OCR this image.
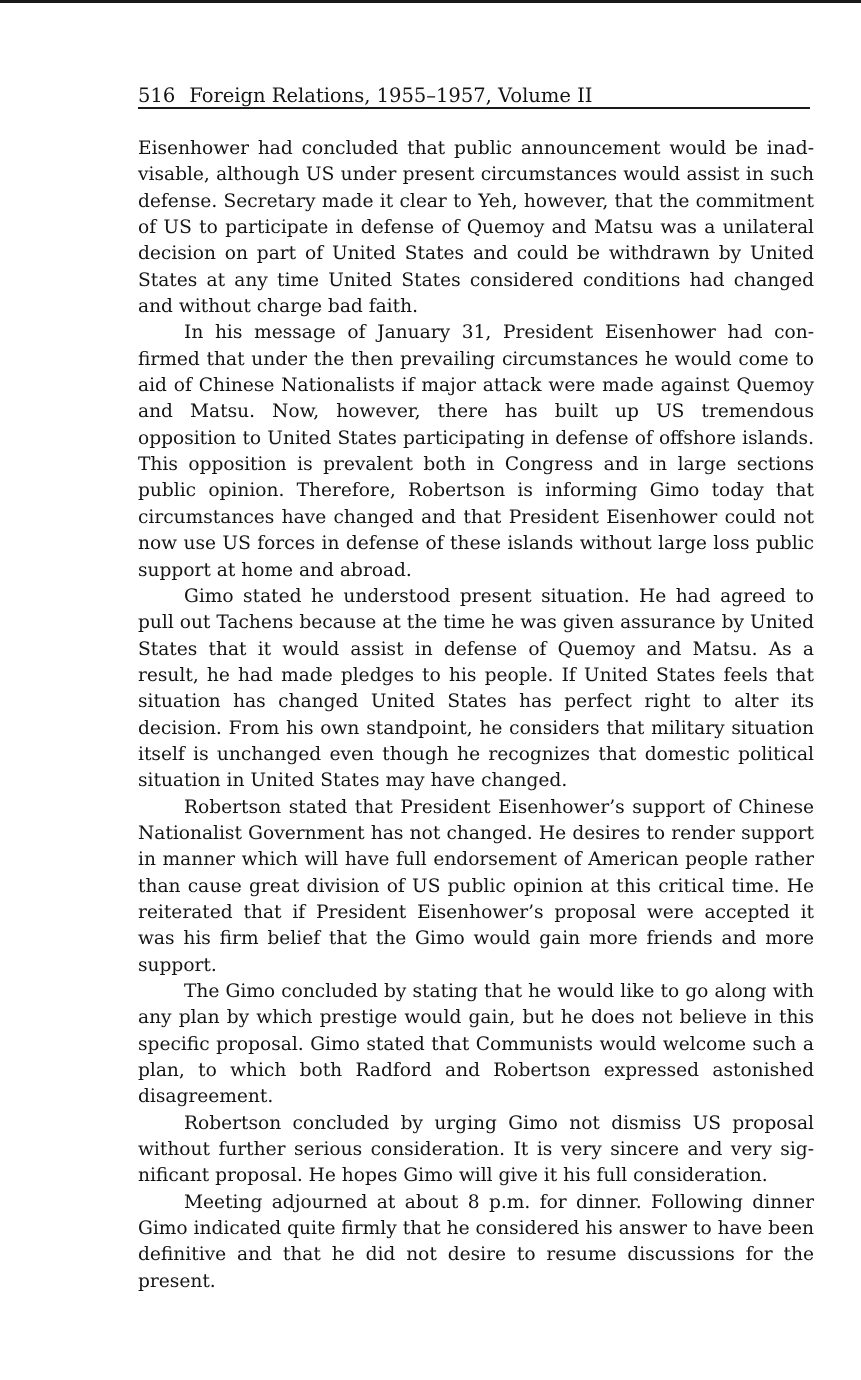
516 Foreign Relations, 1955–1957, Volume II

Eisenhower had concluded that public announcement would be inadvisable, although US under present circumstances would assist in such defense. Secretary made it clear to Yeh, however, that the commitment of US to participate in defense of Quemoy and Matsu was a unilateral decision on part of United States and could be withdrawn by United States at any time United States considered conditions had changed and without charge bad faith.

In his message of January 31, President Eisenhower had confirmed that under the then prevailing circumstances he would come to aid of Chinese Nationalists if major attack were made against Quemoy and Matsu. Now, however, there has built up US tremendous opposition to United States participating in defense of offshore islands. This opposition is prevalent both in Congress and in large sections public opinion. Therefore, Robertson is informing Gimo today that circumstances have changed and that President Eisenhower could not now use US forces in defense of these islands without large loss public support at home and abroad.

Gimo stated he understood present situation. He had agreed to pull out Tachens because at the time he was given assurance by United States that it would assist in defense of Quemoy and Matsu. As a result, he had made pledges to his people. If United States feels that situation has changed United States has perfect right to alter its decision. From his own standpoint, he considers that military situation itself is unchanged even though he recognizes that domestic political situation in United States may have changed.

Robertson stated that President Eisenhower’s support of Chinese Nationalist Government has not changed. He desires to render support in manner which will have full endorsement of American people rather than cause great division of US public opinion at this critical time. He reiterated that if President Eisenhower’s proposal were accepted it was his firm belief that the Gimo would gain more friends and more support.

The Gimo concluded by stating that he would like to go along with any plan by which prestige would gain, but he does not believe in this specific proposal. Gimo stated that Communists would welcome such a plan, to which both Radford and Robertson expressed astonished disagreement.

Robertson concluded by urging Gimo not dismiss US proposal without further serious consideration. It is very sincere and very significant proposal. He hopes Gimo will give it his full consideration.

Meeting adjourned at about 8 p.m. for dinner. Following dinner Gimo indicated quite firmly that he considered his answer to have been definitive and that he did not desire to resume discussions for the present.
